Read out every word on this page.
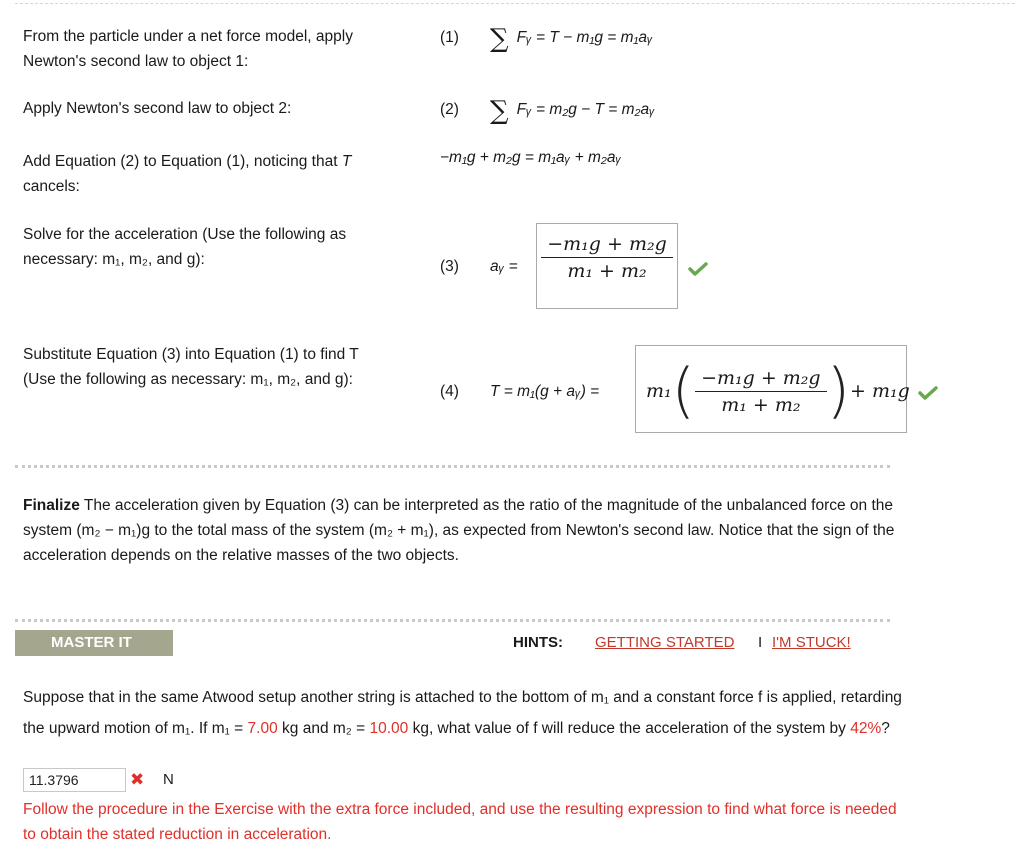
From the particle under a net force model, apply Newton's second law to object 1:
(1) ∑ Fᵧ = T − m₁g = m₁aᵧ
Apply Newton's second law to object 2:	(2) ∑ Fᵧ = m₂g − T = m₂aᵧ
Add Equation (2) to Equation (1), noticing that T cancels:
−m₁g + m₂g = m₁aᵧ + m₂aᵧ
Solve for the acceleration (Use the following as necessary: m₁, m₂, and g):	(3) aᵧ = $\frac{\text{−m₁g + m₂g}}{\text{m₁ + m₂}}$
Substitute Equation (3) into Equation (1) to find T (Use the following as necessary: m₁, m₂, and g):
(4) T = m₁(g + aᵧ) = $m_1( \frac{\text{−m₁g + m₂g}}{\text{m₁ + m₂}}$ )+ m₁g
Finalize The acceleration given by Equation (3) can be interpreted as the ratio of the magnitude of the unbalanced force on the system (m₂ − m₁)g to the total mass of the system (m₂ + m₁), as expected from Newton's second law. Notice that the sign of the acceleration depends on the relative masses of the two objects.
MASTER IT	HINTS: GETTING STARTED I I'M STUCK!
Suppose that in the same Atwood setup another string is attached to the bottom of m₁ and a constant force f is applied, retarding the upward motion of m₁. If m₁ = 7.00 kg and m₂ = 10.00 kg, what value of f will reduce the acceleration of the system by 42%?
11.3796	✖ N
Follow the procedure in the Exercise with the extra force included, and use the resulting expression to find what force is needed to obtain the stated reduction in acceleration.
